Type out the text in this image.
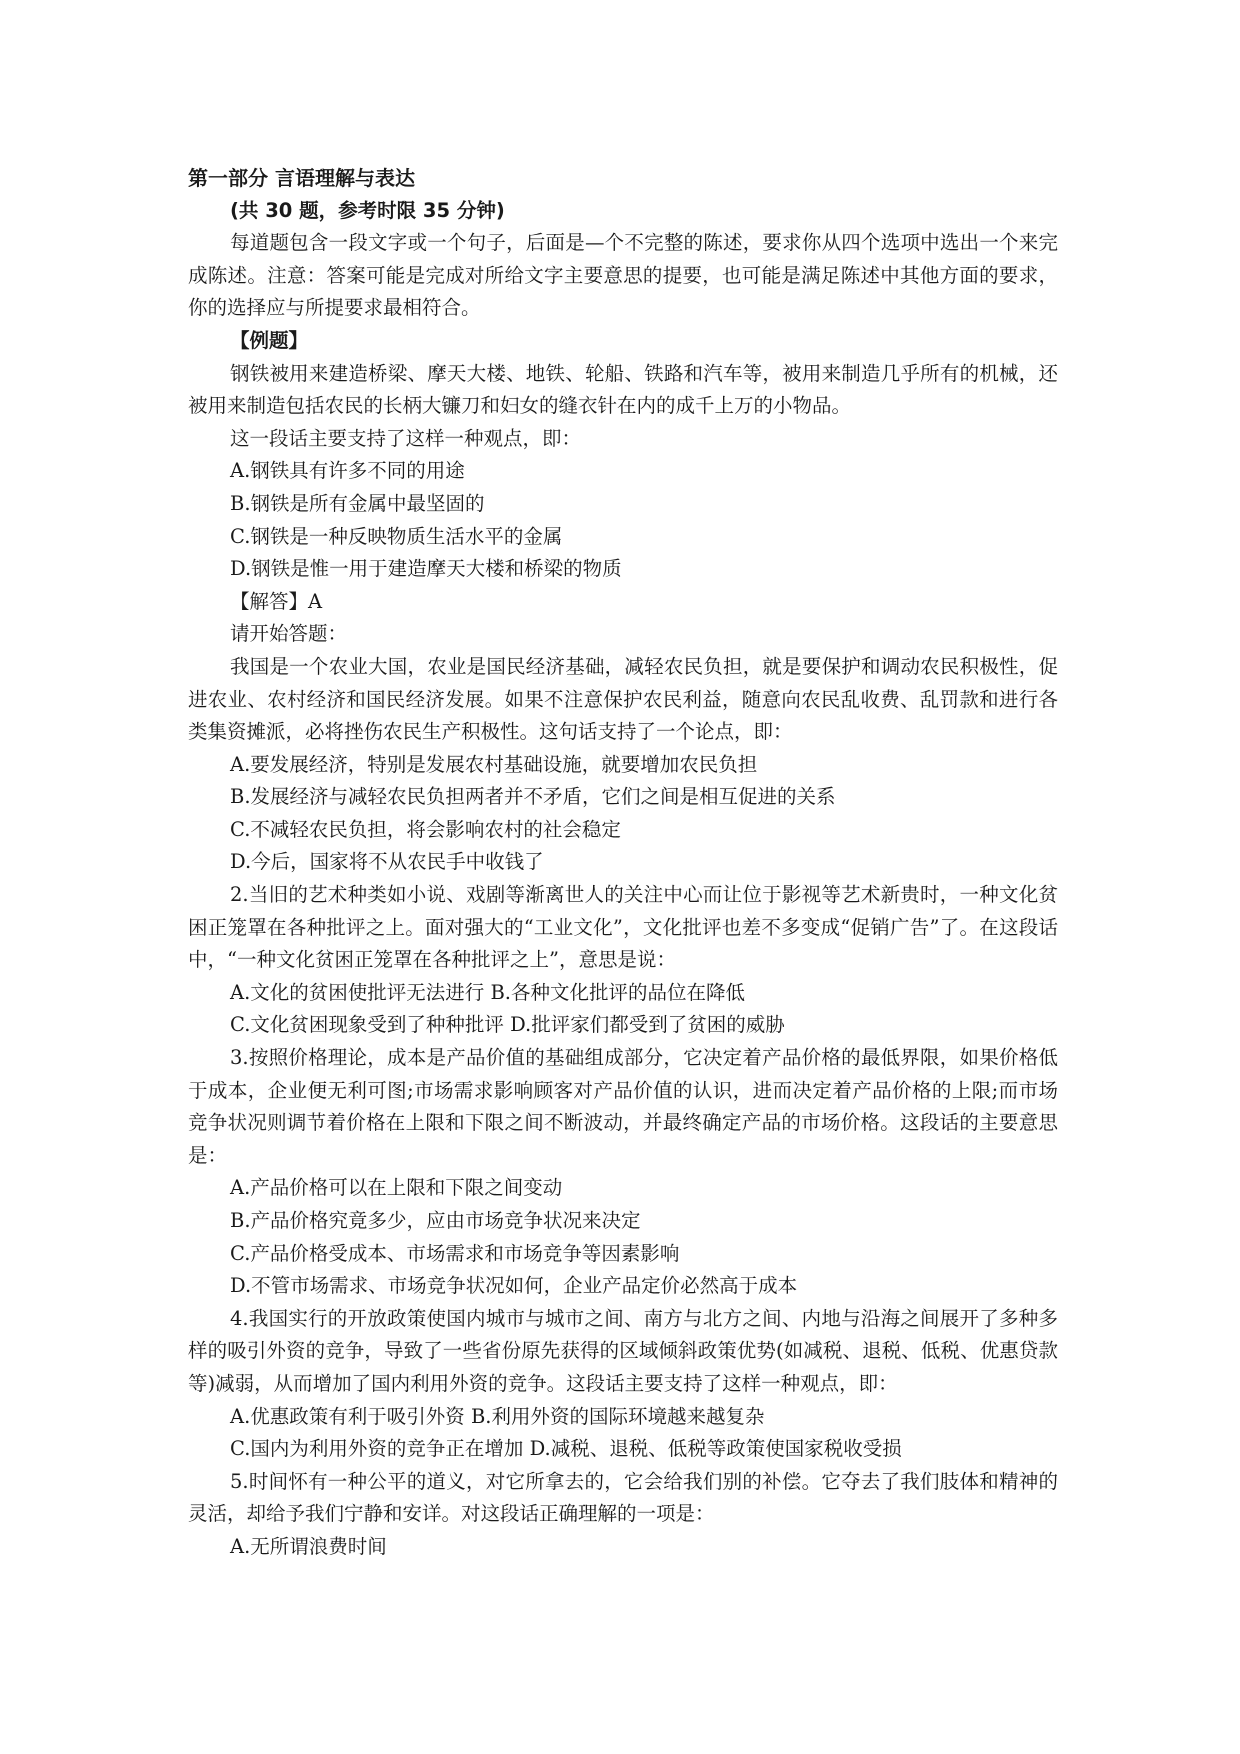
第一部分 言语理解与表达

(共 30 题，参考时限 35 分钟)

每道题包含一段文字或一个句子，后面是—个不完整的陈述，要求你从四个选项中选出一个来完成陈述。注意：答案可能是完成对所给文字主要意思的提要，也可能是满足陈述中其他方面的要求，你的选择应与所提要求最相符合。

【例题】

钢铁被用来建造桥梁、摩天大楼、地铁、轮船、铁路和汽车等，被用来制造几乎所有的机械，还被用来制造包括农民的长柄大镰刀和妇女的缝衣针在内的成千上万的小物品。

这一段话主要支持了这样一种观点，即：

A.钢铁具有许多不同的用途

B.钢铁是所有金属中最坚固的

C.钢铁是一种反映物质生活水平的金属

D.钢铁是惟一用于建造摩天大楼和桥梁的物质

【解答】A

请开始答题：

我国是一个农业大国，农业是国民经济基础，减轻农民负担，就是要保护和调动农民积极性，促进农业、农村经济和国民经济发展。如果不注意保护农民利益，随意向农民乱收费、乱罚款和进行各类集资摊派，必将挫伤农民生产积极性。这句话支持了一个论点，即：

A.要发展经济，特别是发展农村基础设施，就要增加农民负担

B.发展经济与减轻农民负担两者并不矛盾，它们之间是相互促进的关系

C.不减轻农民负担，将会影响农村的社会稳定

D.今后，国家将不从农民手中收钱了

2.当旧的艺术种类如小说、戏剧等渐离世人的关注中心而让位于影视等艺术新贵时，一种文化贫困正笼罩在各种批评之上。面对强大的“工业文化”，文化批评也差不多变成“促销广告”了。在这段话中，“一种文化贫困正笼罩在各种批评之上”，意思是说：

A.文化的贫困使批评无法进行 B.各种文化批评的品位在降低

C.文化贫困现象受到了种种批评 D.批评家们都受到了贫困的威胁

3.按照价格理论，成本是产品价值的基础组成部分，它决定着产品价格的最低界限，如果价格低于成本，企业便无利可图;市场需求影响顾客对产品价值的认识，进而决定着产品价格的上限;而市场竞争状况则调节着价格在上限和下限之间不断波动，并最终确定产品的市场价格。这段话的主要意思是：

A.产品价格可以在上限和下限之间变动

B.产品价格究竟多少，应由市场竞争状况来决定

C.产品价格受成本、市场需求和市场竞争等因素影响

D.不管市场需求、市场竞争状况如何，企业产品定价必然高于成本

4.我国实行的开放政策使国内城市与城市之间、南方与北方之间、内地与沿海之间展开了多种多样的吸引外资的竞争，导致了一些省份原先获得的区域倾斜政策优势(如减税、退税、低税、优惠贷款等)减弱，从而增加了国内利用外资的竞争。这段话主要支持了这样一种观点，即：

A.优惠政策有利于吸引外资 B.利用外资的国际环境越来越复杂

C.国内为利用外资的竞争正在增加 D.减税、退税、低税等政策使国家税收受损

5.时间怀有一种公平的道义，对它所拿去的，它会给我们别的补偿。它夺去了我们肢体和精神的灵活，却给予我们宁静和安详。对这段话正确理解的一项是：

A.无所谓浪费时间
